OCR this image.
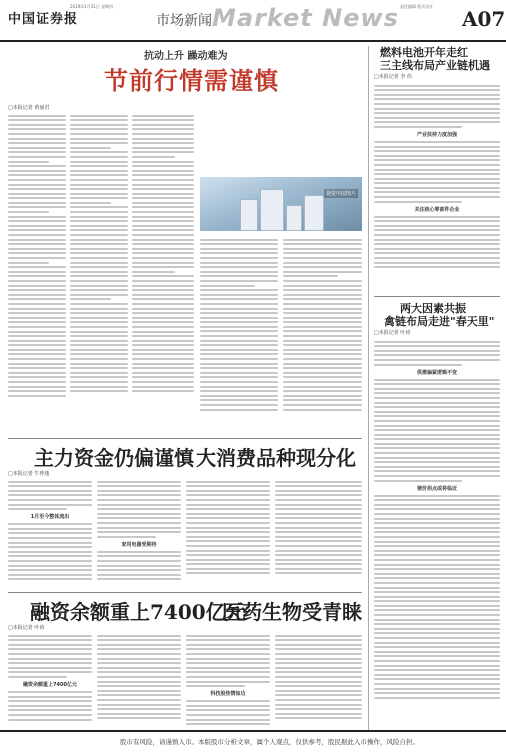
中国证券报
2019年1月31日 星期四
市场新闻 Market News 责任编辑 版式设计
A07
抗动上升 躁动难为
节前行情需谨慎
□本报记者 黄丽君
视觉中国图片
燃料电池开年走红
三主线布局产业链机遇
□本报记者 李 伟
产业扶持力度加强
关注核心零部件企业
两大因素共振
禽链布局走进"春天里"
□本报记者 叶涛
供需偏紧逻辑不变
猪价拐点或将临近
主力资金仍偏谨慎 大消费品种现分化
□本报记者 牛仲逸
1月至今整体流出
家用电器受期待
融资余额重上7400亿元
医药生物受青睐
□本报记者 叶涛
融资余额重上7400亿元
科技股热情如边
股市有风险，请谨慎入市。本版股市分析文章，属个人观点，仅供参考，股民据此入市操作，风险自担。
